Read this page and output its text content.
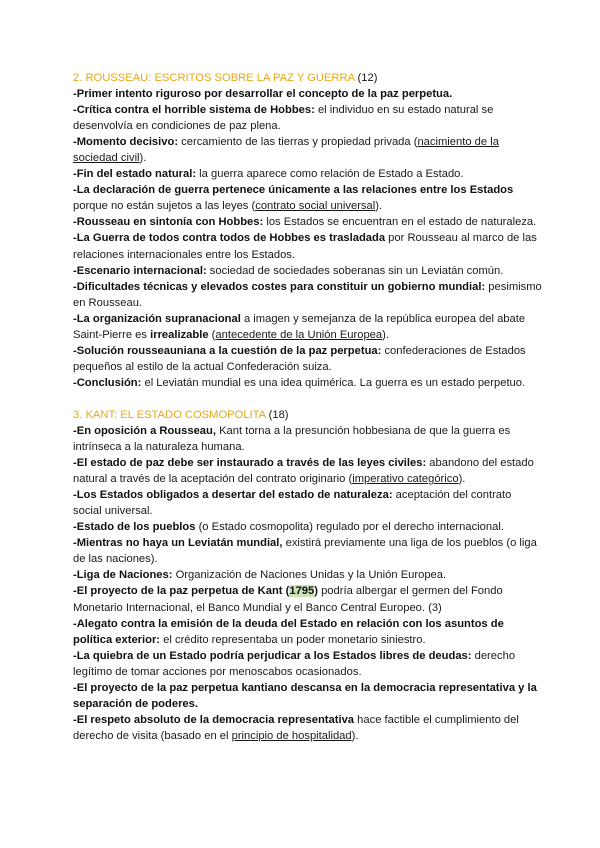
2. ROUSSEAU: ESCRITOS SOBRE LA PAZ Y GUERRA (12)

-Primer intento riguroso por desarrollar el concepto de la paz perpetua.

-Crítica contra el horrible sistema de Hobbes: el individuo en su estado natural se desenvolvía en condiciones de paz plena.

-Momento decisivo: cercamiento de las tierras y propiedad privada (nacimiento de la sociedad civil).

-Fin del estado natural: la guerra aparece como relación de Estado a Estado.

-La declaración de guerra pertenece únicamente a las relaciones entre los Estados porque no están sujetos a las leyes (contrato social universal).

-Rousseau en sintonía con Hobbes: los Estados se encuentran en el estado de naturaleza.

-La Guerra de todos contra todos de Hobbes es trasladada por Rousseau al marco de las relaciones internacionales entre los Estados.

-Escenario internacional: sociedad de sociedades soberanas sin un Leviatán común.

-Dificultades técnicas y elevados costes para constituir un gobierno mundial: pesimismo en Rousseau.

-La organización supranacional a imagen y semejanza de la república europea del abate Saint-Pierre es irrealizable (antecedente de la Unión Europea).

-Solución rousseauniana a la cuestión de la paz perpetua: confederaciones de Estados pequeños al estilo de la actual Confederación suiza.

-Conclusión: el Leviatán mundial es una idea quimérica. La guerra es un estado perpetuo.

3. KANT: EL ESTADO COSMOPOLITA (18)

-En oposición a Rousseau, Kant torna a la presunción hobbesiana de que la guerra es intrínseca a la naturaleza humana.

-El estado de paz debe ser instaurado a través de las leyes civiles: abandono del estado natural a través de la aceptación del contrato originario (imperativo categórico).

-Los Estados obligados a desertar del estado de naturaleza: aceptación del contrato social universal.

-Estado de los pueblos (o Estado cosmopolita) regulado por el derecho internacional.

-Mientras no haya un Leviatán mundial, existirá previamente una liga de los pueblos (o liga de las naciones).

-Liga de Naciones: Organización de Naciones Unidas y la Unión Europea.

-El proyecto de la paz perpetua de Kant (1795) podría albergar el germen del Fondo Monetario Internacional, el Banco Mundial y el Banco Central Europeo. (3)

-Alegato contra la emisión de la deuda del Estado en relación con los asuntos de política exterior: el crédito representaba un poder monetario siniestro.

-La quiebra de un Estado podría perjudicar a los Estados libres de deudas: derecho legítimo de tomar acciones por menoscabos ocasionados.

-El proyecto de la paz perpetua kantiano descansa en la democracia representativa y la separación de poderes.

-El respeto absoluto de la democracia representativa hace factible el cumplimiento del derecho de visita (basado en el principio de hospitalidad).
